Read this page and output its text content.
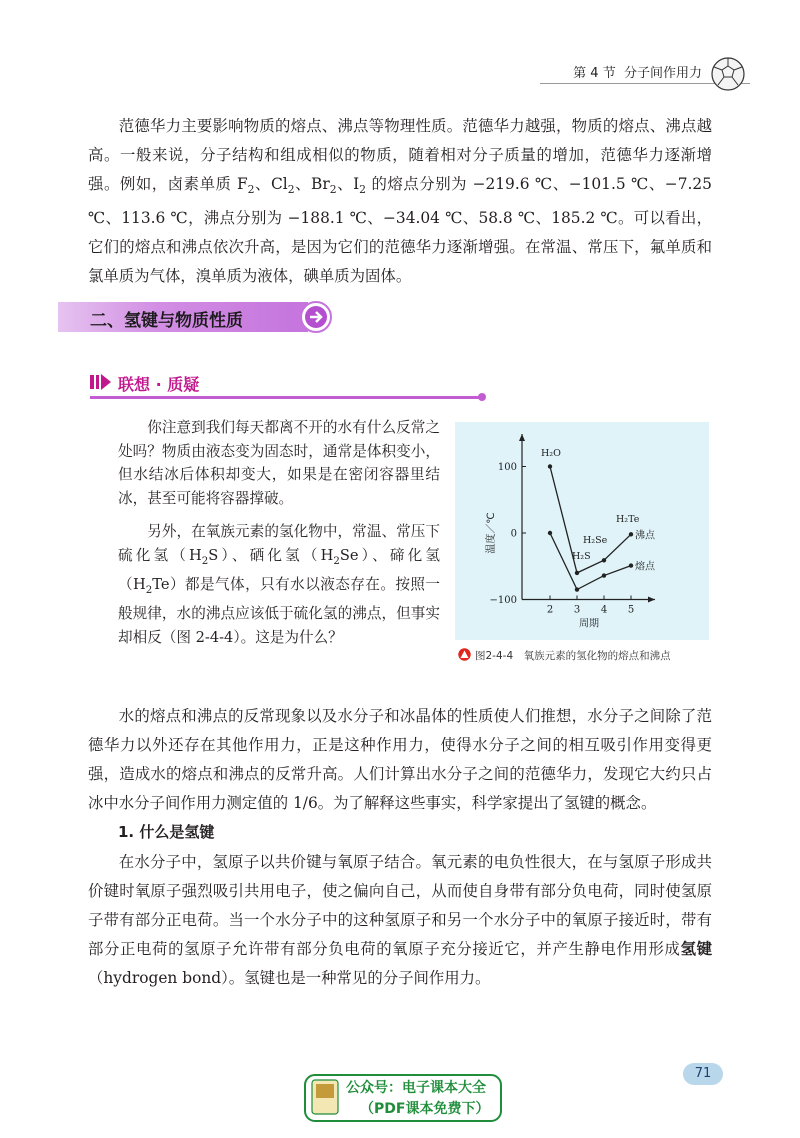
第 4 节 分子间作用力

范德华力主要影响物质的熔点、沸点等物理性质。范德华力越强，物质的熔点、沸点越高。一般来说，分子结构和组成相似的物质，随着相对分子质量的增加，范德华力逐渐增强。例如，卤素单质 $F_2$、$Cl_2$、$Br_2$、$I_2$ 的熔点分别为 −219.6 ℃、−101.5 ℃、−7.25 ℃、113.6 ℃，沸点分别为 −188.1 ℃、−34.04 ℃、58.8 ℃、185.2 ℃。可以看出，它们的熔点和沸点依次升高，是因为它们的范德华力逐渐增强。在常温、常压下，氟单质和氯单质为气体，溴单质为液体，碘单质为固体。

二、氢键与物质性质
联想 · 质疑

你注意到我们每天都离不开的水有什么反常之处吗？物质由液态变为固态时，通常是体积变小，但水结冰后体积却变大，如果是在密闭容器里结冰，甚至可能将容器撑破。

另外，在氧族元素的氢化物中，常温、常压下硫化氢$(H_2S)$、硒化氢$(H_2Se)$、碲化氢$(H_2Te)$都是气体，只有水以液态存在。按照一般规律，水的沸点应该低于硫化氢的沸点，但事实却相反（图 2-4-4）。这是为什么？

100
0
−100
2 3 4 5
周期
温度／℃	沸点
熔点
H₂O
H₂S
H₂Se
H₂Te
图2-4-4　氧族元素的氢化物的熔点和沸点

水的熔点和沸点的反常现象以及水分子和冰晶体的性质使人们推想，水分子之间除了范德华力以外还存在其他作用力，正是这种作用力，使得水分子之间的相互吸引作用变得更强，造成水的熔点和沸点的反常升高。人们计算出水分子之间的范德华力，发现它大约只占冰中水分子间作用力测定值的 1/6。为了解释这些事实，科学家提出了氢键的概念。

1. 什么是氢键

在水分子中，氢原子以共价键与氧原子结合。氧元素的电负性很大，在与氢原子形成共价键时氧原子强烈吸引共用电子，使之偏向自己，从而使自身带有部分负电荷，同时使氢原子带有部分正电荷。当一个水分子中的这种氢原子和另一个水分子中的氧原子接近时，带有部分正电荷的氢原子允许带有部分负电荷的氧原子充分接近它，并产生静电作用形成氢键（hydrogen bond）。氢键也是一种常见的分子间作用力。

71
公众号：电子课本大全
（PDF课本免费下）
